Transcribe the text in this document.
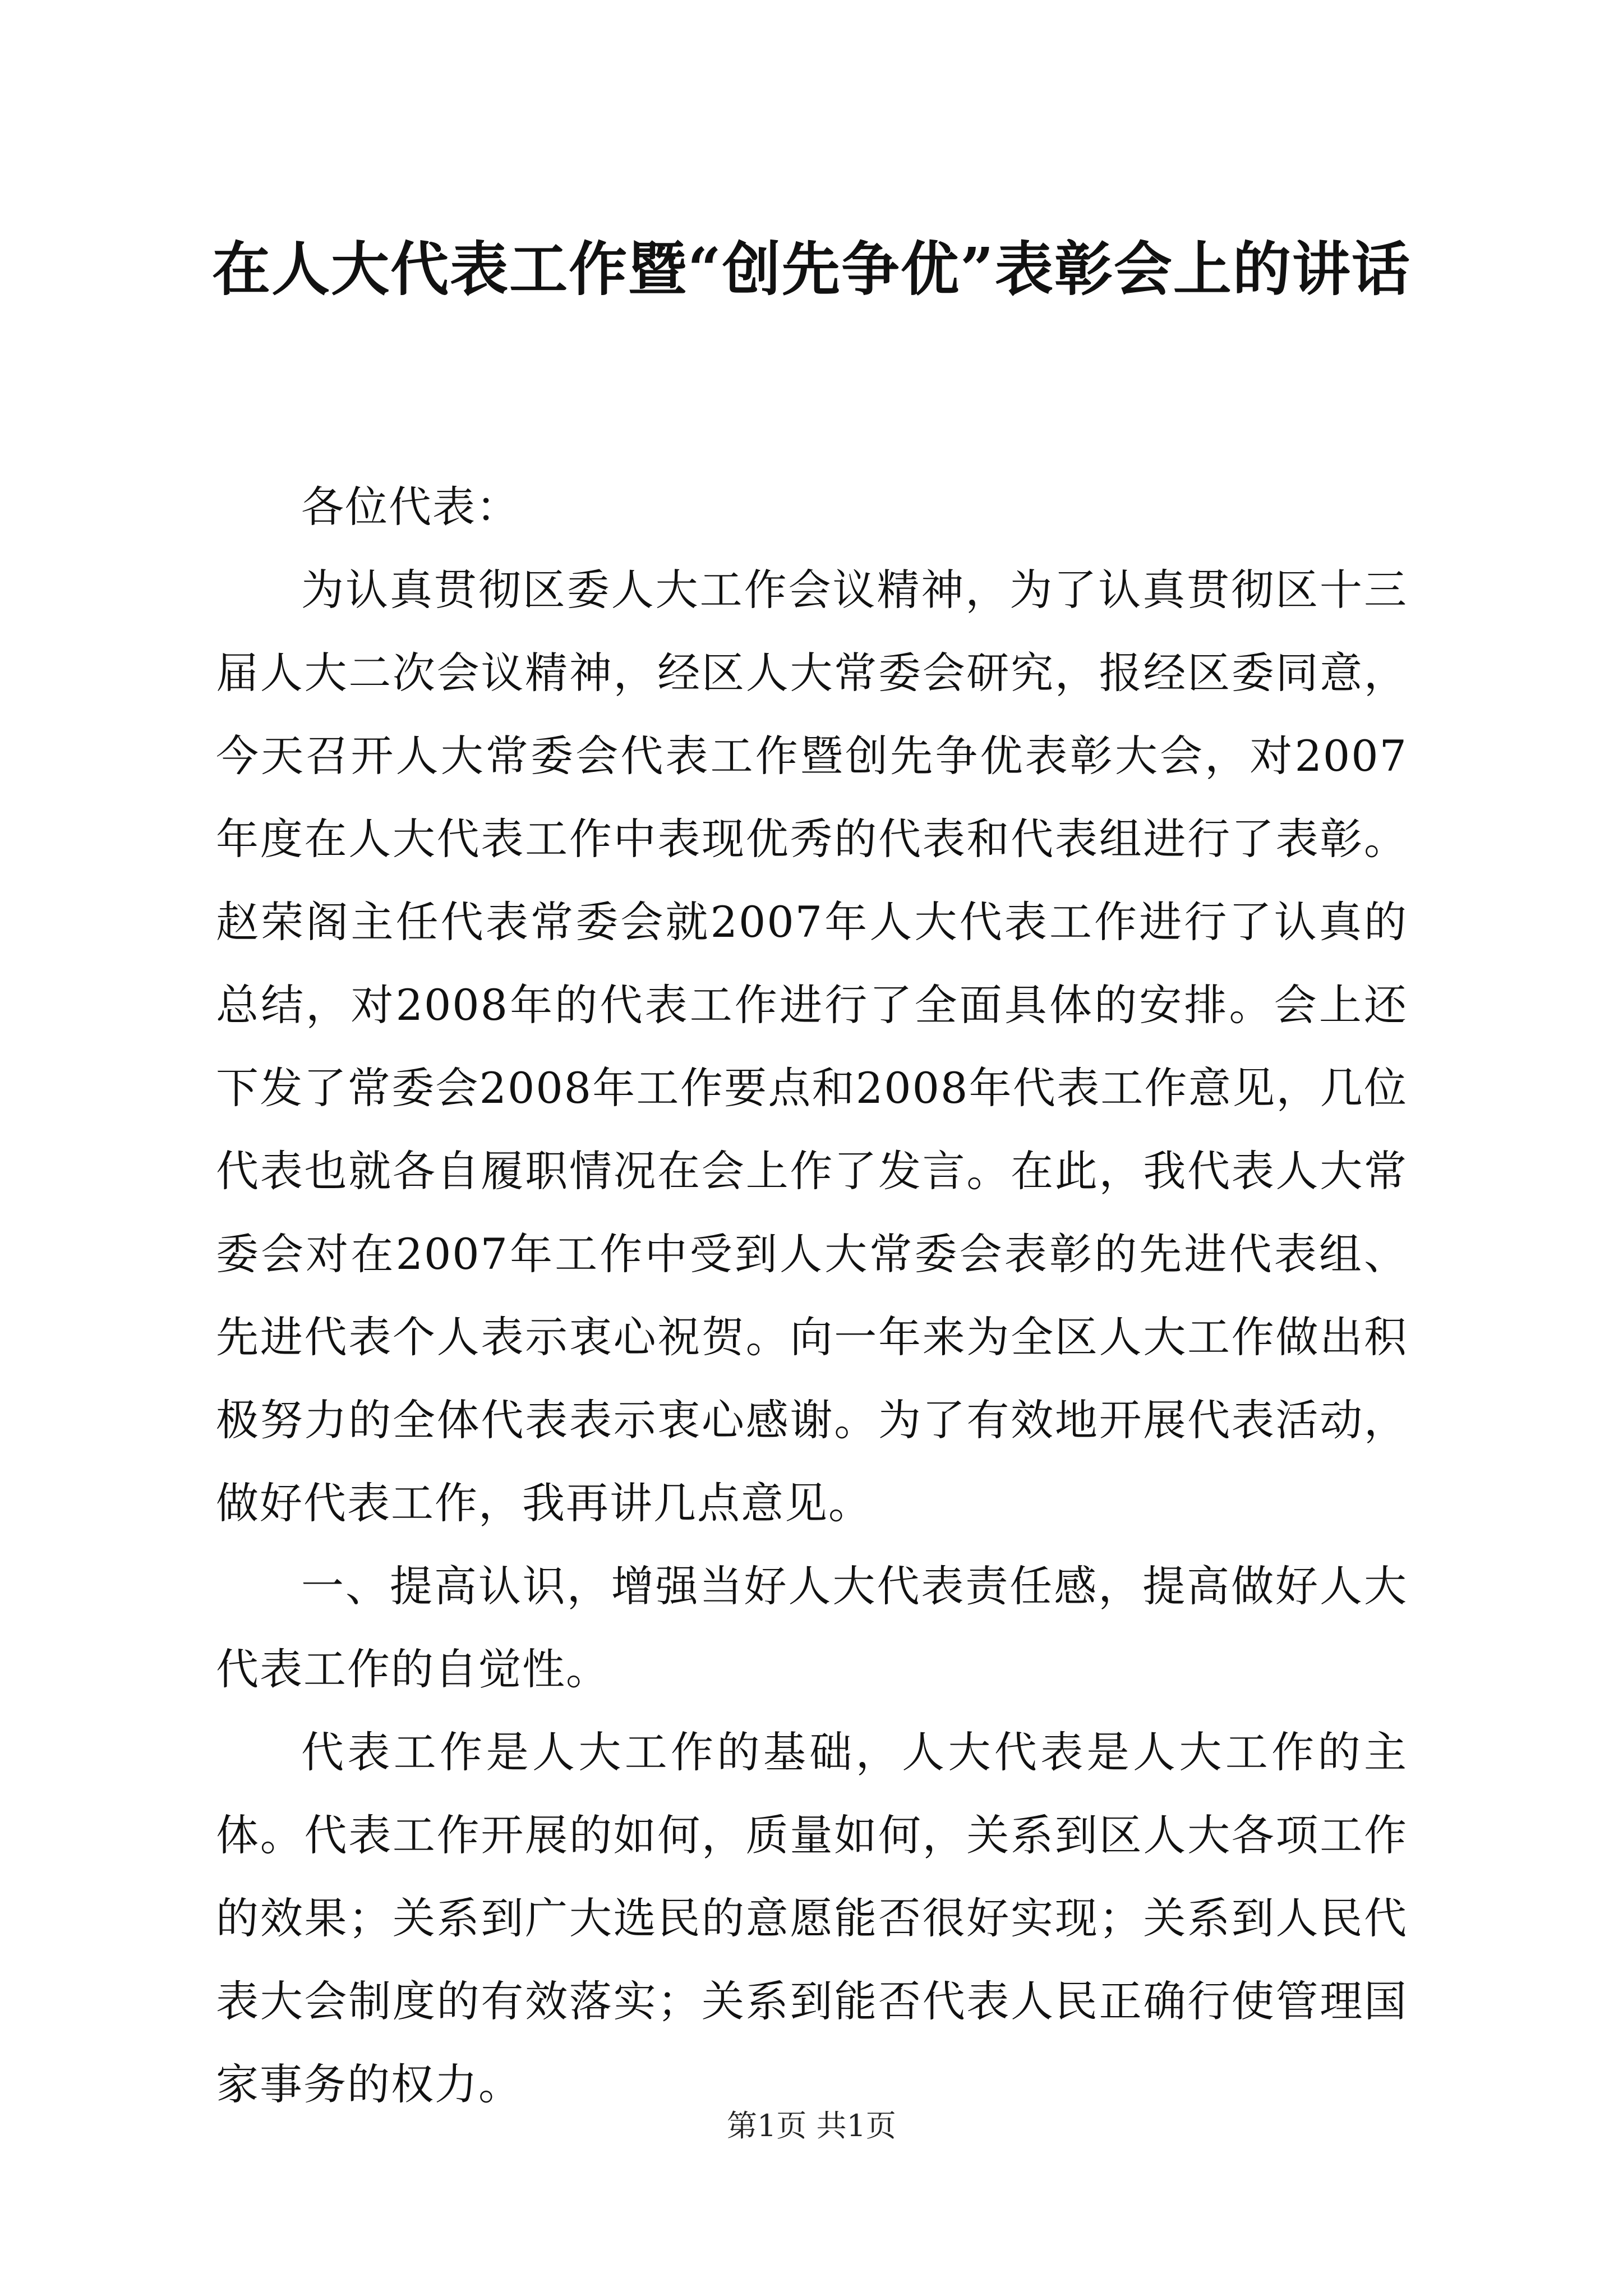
在人大代表工作暨“创先争优”表彰会上的讲话

各位代表：

为认真贯彻区委人大工作会议精神，为了认真贯彻区十三届人大二次会议精神，经区人大常委会研究，报经区委同意，今天召开人大常委会代表工作暨创先争优表彰大会，对2007年度在人大代表工作中表现优秀的代表和代表组进行了表彰。赵荣阁主任代表常委会就2007年人大代表工作进行了认真的总结，对2008年的代表工作进行了全面具体的安排。会上还下发了常委会2008年工作要点和2008年代表工作意见，几位代表也就各自履职情况在会上作了发言。在此，我代表人大常委会对在2007年工作中受到人大常委会表彰的先进代表组、先进代表个人表示衷心祝贺。向一年来为全区人大工作做出积极努力的全体代表表示衷心感谢。为了有效地开展代表活动，做好代表工作，我再讲几点意见。

一、提高认识，增强当好人大代表责任感，提高做好人大代表工作的自觉性。

代表工作是人大工作的基础，人大代表是人大工作的主体。代表工作开展的如何，质量如何，关系到区人大各项工作的效果；关系到广大选民的意愿能否很好实现；关系到人民代表大会制度的有效落实；关系到能否代表人民正确行使管理国家事务的权力。

第1页 共1页
